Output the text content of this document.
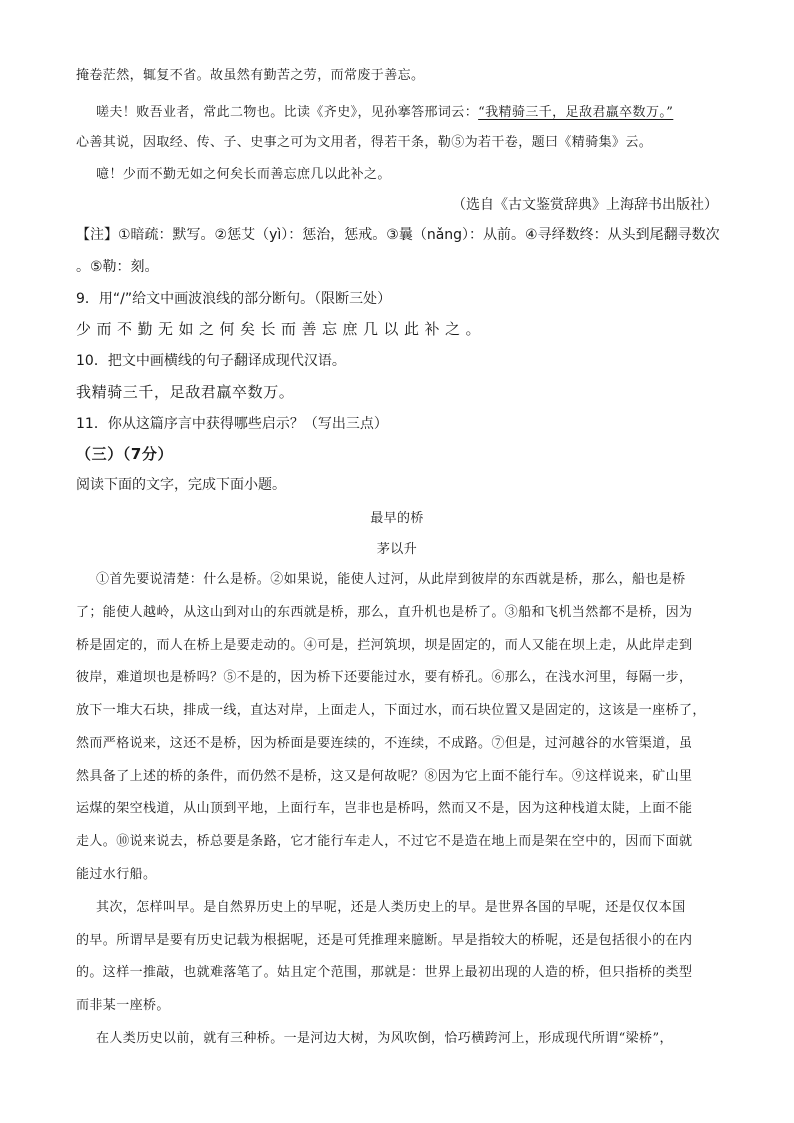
掩卷茫然，辄复不省。故虽然有勤苦之劳，而常废于善忘。
嗟夫！败吾业者，常此二物也。比读《齐史》，见孙搴答邢词云：“我精骑三千，足敌君羸卒数万。”
心善其说，因取经、传、子、史事之可为文用者，得若干条，勒⑤为若干卷，题曰《精骑集》云。
噫！少而不勤无如之何矣长而善忘庶几以此补之。
（选自《古文鉴赏辞典》上海辞书出版社）
【注】①暗疏：默写。②惩艾（yì）：惩治，惩戒。③曩（nǎng）：从前。④寻绎数终：从头到尾翻寻数次
。⑤勒：刻。
9．用“/”给文中画波浪线的部分断句。（限断三处）
少而不勤无如之何矣长而善忘庶几以此补之。
10．把文中画横线的句子翻译成现代汉语。
我精骑三千，足敌君羸卒数万。
11．你从这篇序言中获得哪些启示？（写出三点）
（三）（7分）
阅读下面的文字，完成下面小题。
最早的桥
茅以升
①首先要说清楚：什么是桥。②如果说，能使人过河，从此岸到彼岸的东西就是桥，那么，船也是桥
了；能使人越岭，从这山到对山的东西就是桥，那么，直升机也是桥了。③船和飞机当然都不是桥，因为
桥是固定的，而人在桥上是要走动的。④可是，拦河筑坝，坝是固定的，而人又能在坝上走，从此岸走到
彼岸，难道坝也是桥吗？⑤不是的，因为桥下还要能过水，要有桥孔。⑥那么，在浅水河里，每隔一步，
放下一堆大石块，排成一线，直达对岸，上面走人，下面过水，而石块位置又是固定的，这该是一座桥了，
然而严格说来，这还不是桥，因为桥面是要连续的，不连续，不成路。⑦但是，过河越谷的水管渠道，虽
然具备了上述的桥的条件，而仍然不是桥，这又是何故呢？⑧因为它上面不能行车。⑨这样说来，矿山里
运煤的架空栈道，从山顶到平地，上面行车，岂非也是桥吗，然而又不是，因为这种栈道太陡，上面不能
走人。⑩说来说去，桥总要是条路，它才能行车走人，不过它不是造在地上而是架在空中的，因而下面就
能过水行船。
其次，怎样叫早。是自然界历史上的早呢，还是人类历史上的早。是世界各国的早呢，还是仅仅本国
的早。所谓早是要有历史记载为根据呢，还是可凭推理来臆断。早是指较大的桥呢，还是包括很小的在内
的。这样一推敲，也就难落笔了。姑且定个范围，那就是：世界上最初出现的人造的桥，但只指桥的类型
而非某一座桥。
在人类历史以前，就有三种桥。一是河边大树，为风吹倒，恰巧横跨河上，形成现代所谓“梁桥”，
